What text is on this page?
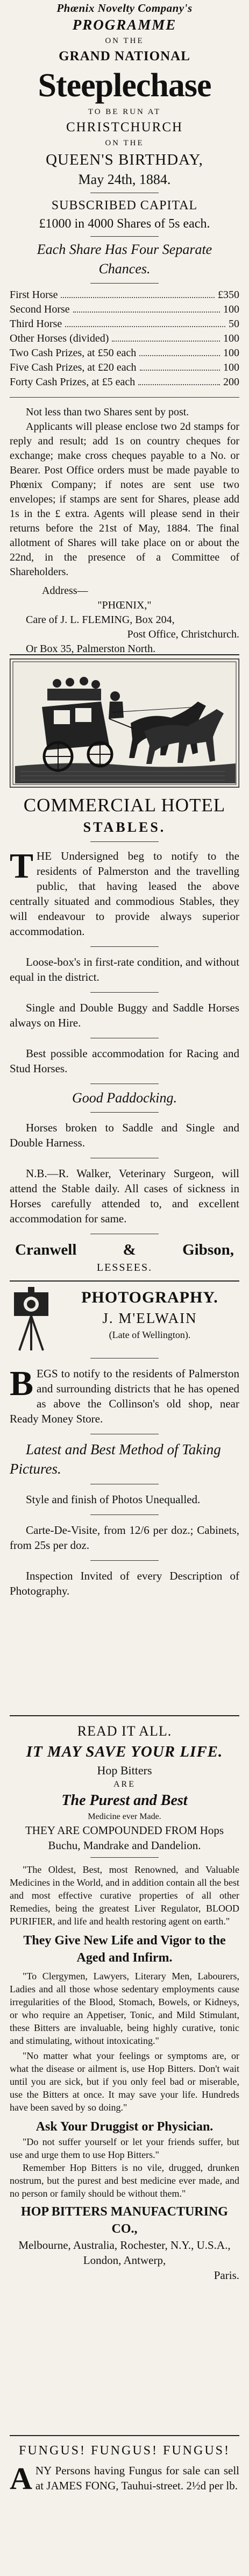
Phœnix Novelty Company's
PROGRAMME
ON THE
GRAND NATIONAL
Steeplechase
TO BE RUN AT
CHRISTCHURCH
ON THE
QUEEN'S BIRTHDAY,
May 24th, 1884.
SUBSCRIBED CAPITAL
£1000 in 4000 Shares of 5s each.
Each Share Has Four Separate Chances.
First Horse	£350
Second Horse	100
Third Horse	50
Other Horses (divided)	100
Two Cash Prizes, at £50 each	100
Five Cash Prizes, at £20 each	100
Forty Cash Prizes, at £5 each	200
Not less than two Shares sent by post.
Applicants will please enclose two 2d stamps for reply and result; add 1s on country cheques for exchange; make cross cheques payable to a No. or Bearer. Post Office orders must be made payable to Phœnix Company; if notes are sent use two envelopes; if stamps are sent for Shares, please add 1s in the £ extra. Agents will please send in their returns before the 21st of May, 1884. The final allotment of Shares will take place on or about the 22nd, in the presence of a Committee of Shareholders.
Address—
"PHŒNIX,"
Care of J. L. FLEMING, Box 204,
Post Office, Christchurch.
Or Box 35, Palmerston North.
COMMERCIAL HOTEL
STABLES.
THE Undersigned beg to notify to the residents of Palmerston and the travelling public, that having leased the above centrally situated and commodious Stables, they will endeavour to provide always superior accommodation.
Loose-box's in first-rate condition, and without equal in the district.
Single and Double Buggy and Saddle Horses always on Hire.
Best possible accommodation for Racing and Stud Horses.
Good Paddocking.
Horses broken to Saddle and Single and Double Harness.
N.B.—R. Walker, Veterinary Surgeon, will attend the Stable daily. All cases of sickness in Horses carefully attended to, and excellent accommodation for same.
Cranwell	&	Gibson,
LESSEES.
PHOTOGRAPHY.
J. M'ELWAIN
(Late of Wellington).
BEGS to notify to the residents of Palmerston and surrounding districts that he has opened as above the Collinson's old shop, near Ready Money Store.
Latest and Best Method of Taking Pictures.
Style and finish of Photos Unequalled.
Carte-De-Visite, from 12/6 per doz.; Cabinets, from 25s per doz.
Inspection Invited of every Description of Photography.
READ IT ALL.
IT MAY SAVE YOUR LIFE.
Hop Bitters
ARE
The Purest and Best
Medicine ever Made.
THEY ARE COMPOUNDED FROM Hops Buchu, Mandrake and Dandelion.
"The Oldest, Best, most Renowned, and Valuable Medicines in the World, and in addition contain all the best and most effective curative properties of all other Remedies, being the greatest Liver Regulator, BLOOD PURIFIER, and life and health restoring agent on earth."
They Give New Life and Vigor to the Aged and Infirm.
"To Clergymen, Lawyers, Literary Men, Labourers, Ladies and all those whose sedentary employments cause irregularities of the Blood, Stomach, Bowels, or Kidneys, or who require an Appetiser, Tonic, and Mild Stimulant, these Bitters are invaluable, being highly curative, tonic and stimulating, without intoxicating."
"No matter what your feelings or symptoms are, or what the disease or ailment is, use Hop Bitters. Don't wait until you are sick, but if you only feel bad or miserable, use the Bitters at once. It may save your life. Hundreds have been saved by so doing."
Ask Your Druggist or Physician.
"Do not suffer yourself or let your friends suffer, but use and urge them to use Hop Bitters."
Remember Hop Bitters is no vile, drugged, drunken nostrum, but the purest and best medicine ever made, and no person or family should be without them."
HOP BITTERS MANUFACTURING CO.,
Melbourne, Australia, Rochester, N.Y., U.S.A., London, Antwerp,
Paris.
FUNGUS! FUNGUS! FUNGUS!
ANY Persons having Fungus for sale can sell at JAMES FONG, Tauhui-street. 2½d per lb.
